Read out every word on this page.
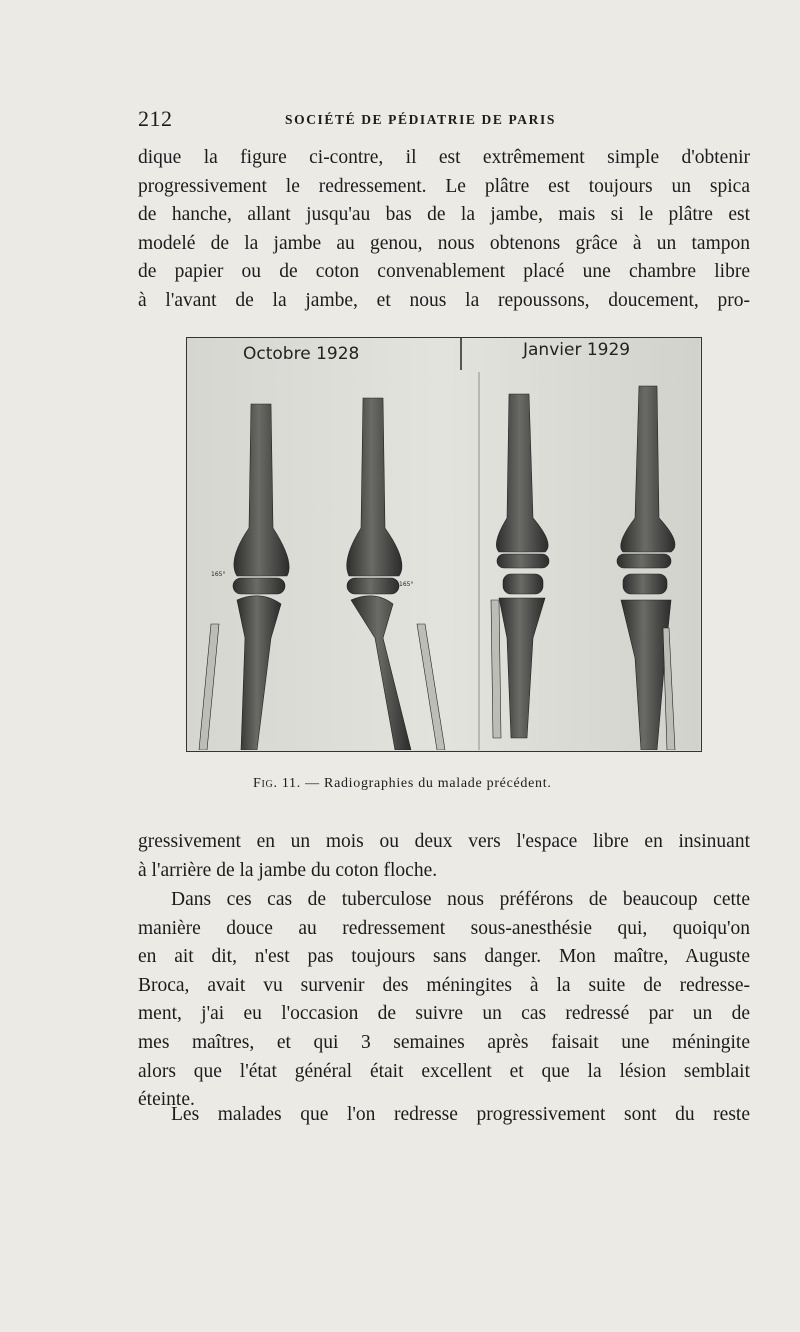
212	SOCIÉTÉ DE PÉDIATRIE DE PARIS
dique la figure ci-contre, il est extrêmement simple d'obtenir
progressivement le redressement. Le plâtre est toujours un spica
de hanche, allant jusqu'au bas de la jambe, mais si le plâtre est
modelé de la jambe au genou, nous obtenons grâce à un tampon
de papier ou de coton convenablement placé une chambre libre
à l'avant de la jambe, et nous la repoussons, doucement, pro-
165°
165°
Octobre 1928	Janvier 1929
Fig. 11. — Radiographies du malade précédent.
gressivement en un mois ou deux vers l'espace libre en insinuant
à l'arrière de la jambe du coton floche.
Dans ces cas de tuberculose nous préférons de beaucoup cette
manière douce au redressement sous-anesthésie qui, quoiqu'on
en ait dit, n'est pas toujours sans danger. Mon maître, Auguste
Broca, avait vu survenir des méningites à la suite de redresse-
ment, j'ai eu l'occasion de suivre un cas redressé par un de
mes maîtres, et qui 3 semaines après faisait une méningite
alors que l'état général était excellent et que la lésion semblait
éteinte.
Les malades que l'on redresse progressivement sont du reste
